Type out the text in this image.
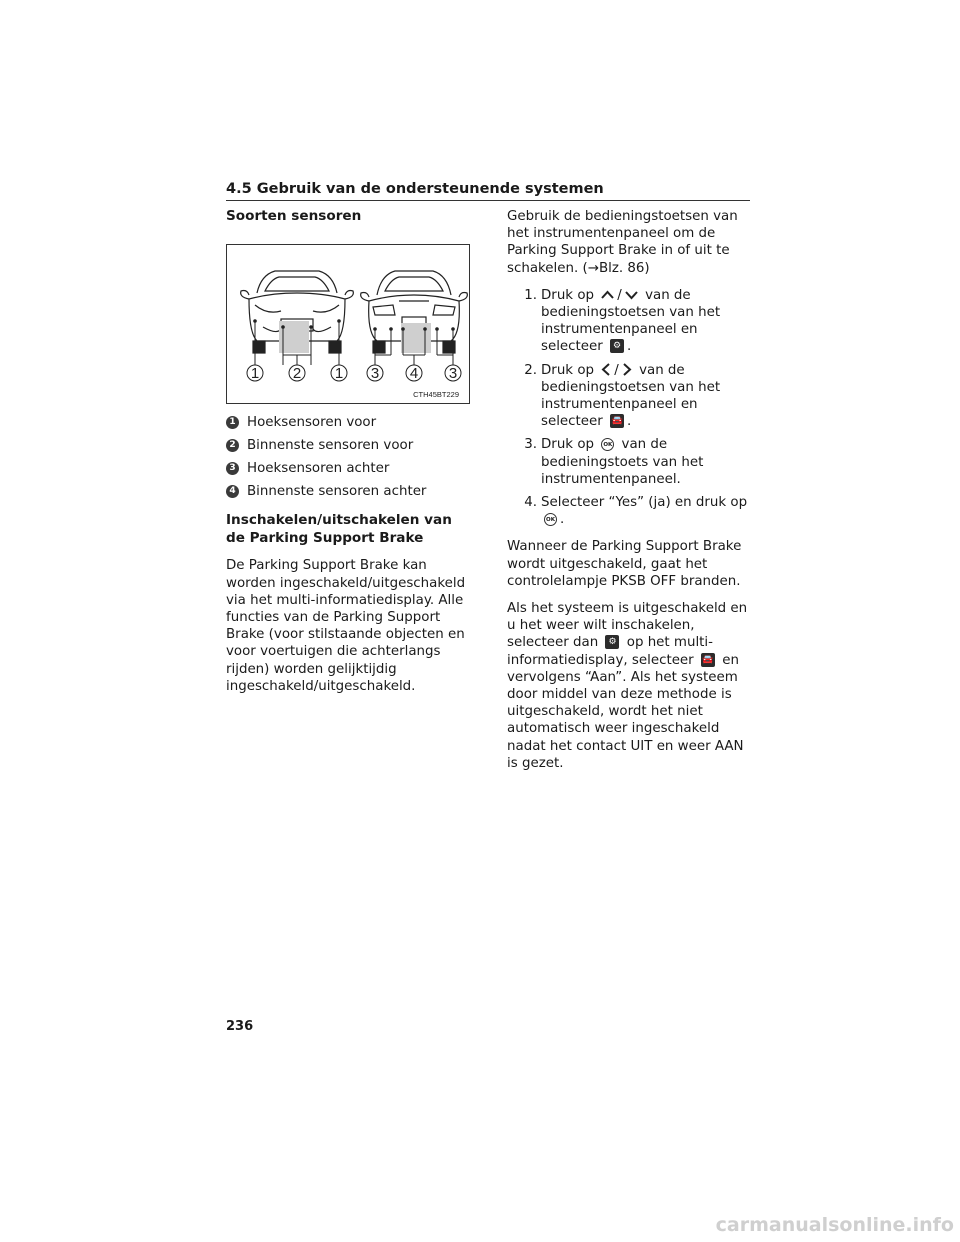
4.5 Gebruik van de ondersteunende systemen
Soorten sensoren
1 2 1 3 4 3
CTH45BT229
1 Hoeksensoren voor
2 Binnenste sensoren voor
3 Hoeksensoren achter
4 Binnenste sensoren achter
Inschakelen/uitschakelen van de Parking Support Brake

De Parking Support Brake kan worden ingeschakeld/uitgeschakeld via het multi-informatiedisplay. Alle functies van de Parking Support Brake (voor stilstaande objecten en voor voertuigen die achterlangs rijden) worden gelijktijdig ingeschakeld/uitgeschakeld.

Gebruik de bedieningstoetsen van het instrumentenpaneel om de Parking Support Brake in of uit te schakelen. (→Blz. 86)

1. Druk op / van de bedieningstoetsen van het instrumentenpaneel en selecteer ⚙ .
2. Druk op / van de bedieningstoetsen van het instrumentenpaneel en selecteer 🚘 .
3. Druk op OK van de bedieningstoets van het instrumentenpaneel.
4. Selecteer “Yes” (ja) en druk op OK .

Wanneer de Parking Support Brake wordt uitgeschakeld, gaat het controlelampje PKSB OFF branden.

Als het systeem is uitgeschakeld en u het weer wilt inschakelen, selecteer dan ⚙ op het multi-informatiedisplay, selecteer 🚘 en vervolgens “Aan”. Als het systeem door middel van deze methode is uitgeschakeld, wordt het niet automatisch weer ingeschakeld nadat het contact UIT en weer AAN is gezet.

236
carmanualsonline.info
